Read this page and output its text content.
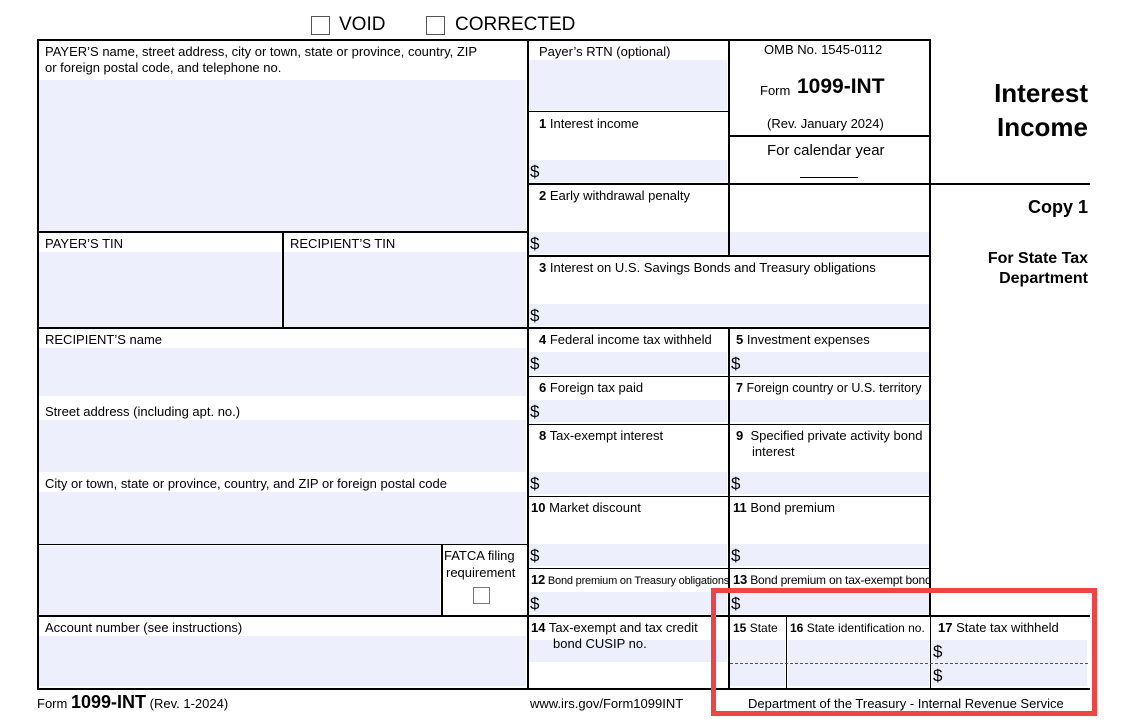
VOID	CORRECTED
PAYER’S name, street address, city or town, state or province, country, ZIP
or foreign postal code, and telephone no.
PAYER’S TIN	RECIPIENT’S TIN
RECIPIENT’S name
Street address (including apt. no.)
City or town, state or province, country, and ZIP or foreign postal code
FATCA filing
requirement
Account number (see instructions)
Payer’s RTN (optional)	OMB No. 1545-0112
Form 1099-INT
(Rev. January 2024)
For calendar year
1 Interest income
$
2 Early withdrawal penalty
$
3 Interest on U.S. Savings Bonds and Treasury obligations
$
4 Federal income tax withheld
$
5 Investment expenses
$
6 Foreign tax paid
$
7 Foreign country or U.S. territory
8 Tax-exempt interest
$
9 Specified private activity bond
interest
$
10 Market discount
$
11 Bond premium
$
12 Bond premium on Treasury obligations
$
13 Bond premium on tax-exempt bond
$
14 Tax-exempt and tax credit
bond CUSIP no.
15 State 16 State identification no. 17 State tax withheld
$
$
Interest
Income
Copy 1
For State Tax
Department
Form 1099-INT (Rev. 1-2024)	www.irs.gov/Form1099INT	Department of the Treasury - Internal Revenue Service
